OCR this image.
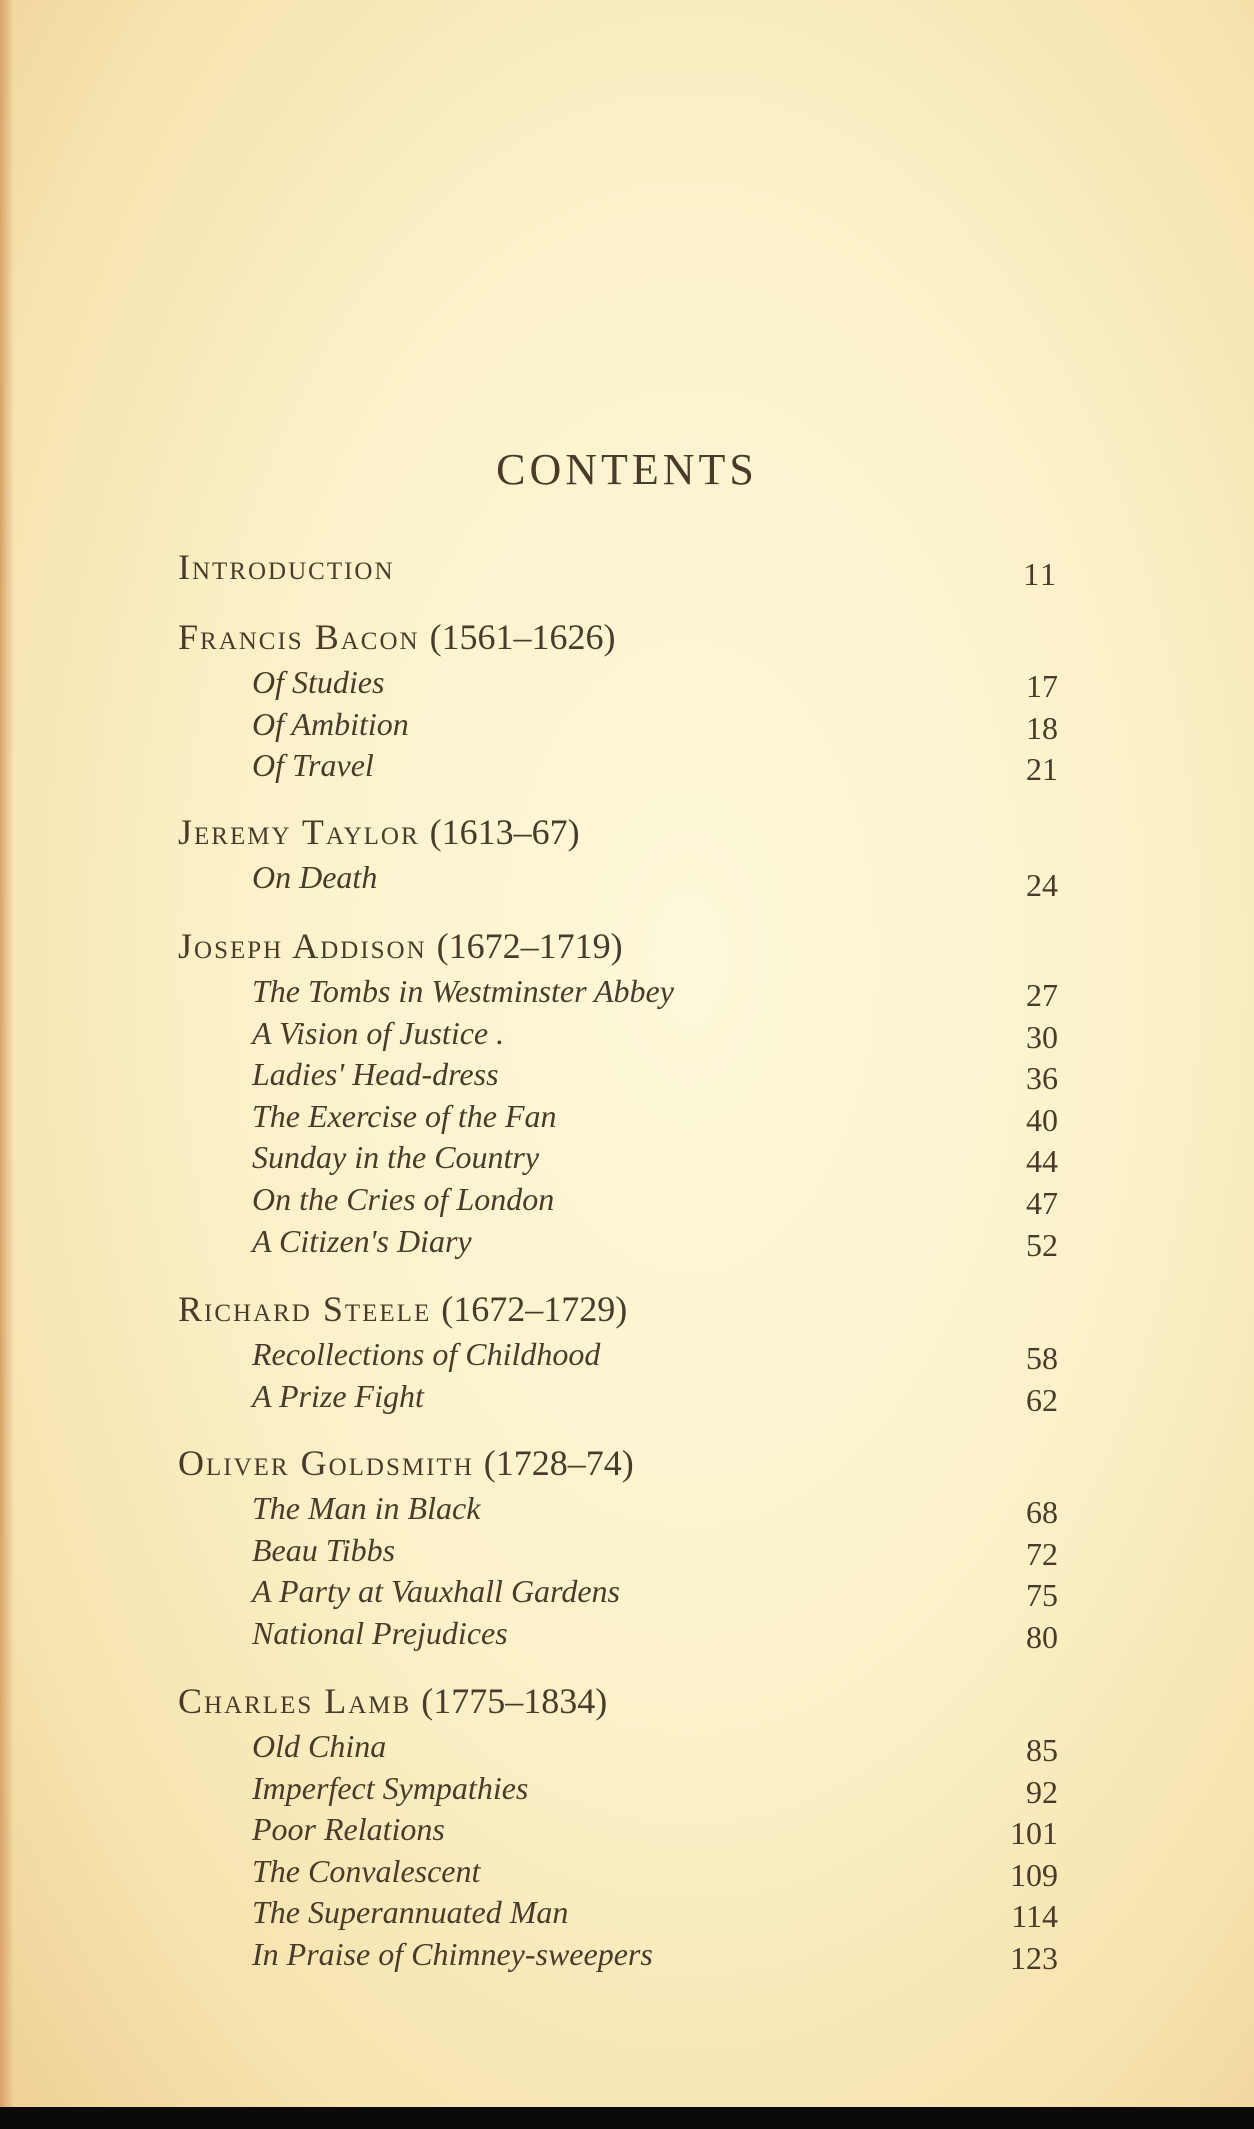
CONTENTS
Introduction	11
Francis Bacon (1561–1626)
Of Studies	17
Of Ambition	18
Of Travel	21
Jeremy Taylor (1613–67)
On Death	24
Joseph Addison (1672–1719)
The Tombs in Westminster Abbey	27
A Vision of Justice .	30
Ladies' Head-dress	36
The Exercise of the Fan	40
Sunday in the Country	44
On the Cries of London	47
A Citizen's Diary	52
Richard Steele (1672–1729)
Recollections of Childhood	58
A Prize Fight	62
Oliver Goldsmith (1728–74)
The Man in Black	68
Beau Tibbs	72
A Party at Vauxhall Gardens	75
National Prejudices	80
Charles Lamb (1775–1834)
Old China	85
Imperfect Sympathies	92
Poor Relations	101
The Convalescent	109
The Superannuated Man	114
In Praise of Chimney-sweepers	123
